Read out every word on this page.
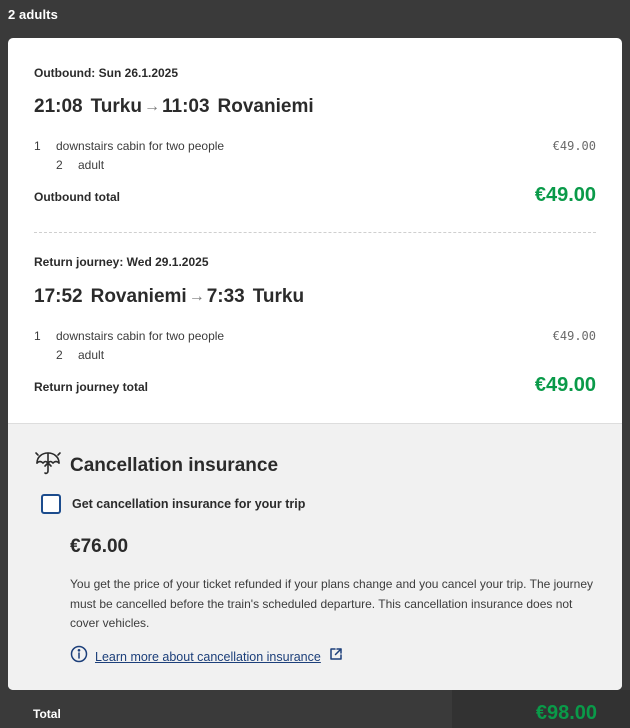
2 adults
Outbound: Sun 26.1.2025
21:08 Turku → 11:03 Rovaniemi
1 downstairs cabin for two people	€49.00
2 adult
Outbound total	€49.00
Return journey: Wed 29.1.2025
17:52 Rovaniemi → 7:33 Turku
1 downstairs cabin for two people	€49.00
2 adult
Return journey total	€49.00
Cancellation insurance
Get cancellation insurance for your trip
€76.00
You get the price of your ticket refunded if your plans change and you cancel your trip. The journey must be cancelled before the train's scheduled departure. This cancellation insurance does not cover vehicles.
Learn more about cancellation insurance
Total	€98.00
